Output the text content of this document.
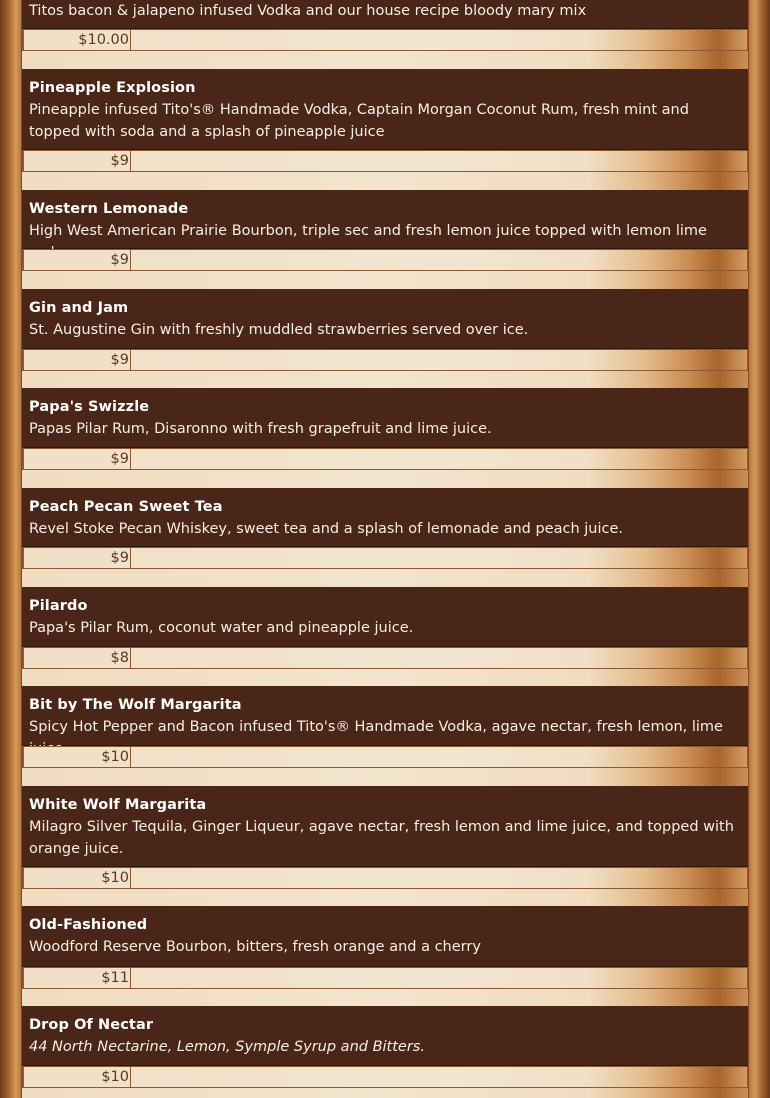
Titos bacon & jalapeno infused Vodka and our house recipe bloody mary mix
$10.00
Pineapple Explosion
Pineapple infused Tito's® Handmade Vodka, Captain Morgan Coconut Rum, fresh mint and topped with soda and a splash of pineapple juice
$9
Western Lemonade
High West American Prairie Bourbon, triple sec and fresh lemon juice topped with lemon lime
$9
Gin and Jam
St. Augustine Gin with freshly muddled strawberries served over ice.
$9
Papa's Swizzle
Papas Pilar Rum, Disaronno with fresh grapefruit and lime juice.
$9
Peach Pecan Sweet Tea
Revel Stoke Pecan Whiskey, sweet tea and a splash of lemonade and peach juice.
$9
Pilardo
Papa's Pilar Rum, coconut water and pineapple juice.
$8
Bit by The Wolf Margarita
Spicy Hot Pepper and Bacon infused Tito's® Handmade Vodka, agave nectar, fresh lemon, lime
$10
White Wolf Margarita
Milagro Silver Tequila, Ginger Liqueur, agave nectar, fresh lemon and lime juice, and topped with orange juice.
$10
Old-Fashioned
Woodford Reserve Bourbon, bitters, fresh orange and a cherry
$11
Drop Of Nectar
44 North Nectarine, Lemon, Symple Syrup and Bitters.
$10
